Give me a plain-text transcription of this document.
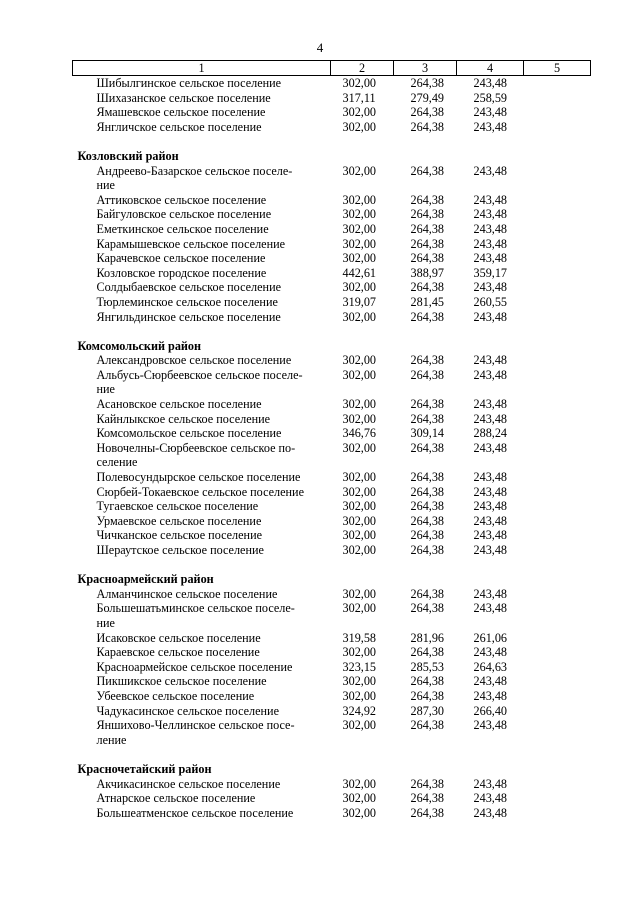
4
1	2	3	4	5
Шибылгинское сельское поселение	302,00	264,38	243,48	
Шихазанское сельское поселение	317,11	279,49	258,59	
Ямашевское сельское поселение	302,00	264,38	243,48	
Янгличское сельское поселение	302,00	264,38	243,48	

Козловский район				
Андреево-Базарское сельское поселе-
ние	302,00	264,38	243,48	
Аттиковское сельское поселение	302,00	264,38	243,48	
Байгуловское сельское поселение	302,00	264,38	243,48	
Еметкинское сельское поселение	302,00	264,38	243,48	
Карамышевское сельское поселение	302,00	264,38	243,48	
Карачевское сельское поселение	302,00	264,38	243,48	
Козловское городское поселение	442,61	388,97	359,17	
Солдыбаевское сельское поселение	302,00	264,38	243,48	
Тюрлеминское сельское поселение	319,07	281,45	260,55	
Янгильдинское сельское поселение	302,00	264,38	243,48	

Комсомольский район				
Александровское сельское поселение	302,00	264,38	243,48	
Альбусь-Сюрбеевское сельское поселе-
ние	302,00	264,38	243,48	
Асановское сельское поселение	302,00	264,38	243,48	
Кайнлыкское сельское поселение	302,00	264,38	243,48	
Комсомольское сельское поселение	346,76	309,14	288,24	
Новочелны-Сюрбеевское сельское по-
селение	302,00	264,38	243,48	
Полевосундырское сельское поселение	302,00	264,38	243,48	
Сюрбей-Токаевское сельское поселение	302,00	264,38	243,48	
Тугаевское сельское поселение	302,00	264,38	243,48	
Урмаевское сельское поселение	302,00	264,38	243,48	
Чичканское сельское поселение	302,00	264,38	243,48	
Шераутское сельское поселение	302,00	264,38	243,48	

Красноармейский район				
Алманчинское сельское поселение	302,00	264,38	243,48	
Большешатьминское сельское поселе-
ние	302,00	264,38	243,48	
Исаковское сельское поселение	319,58	281,96	261,06	
Караевское сельское поселение	302,00	264,38	243,48	
Красноармейское сельское поселение	323,15	285,53	264,63	
Пикшикское сельское поселение	302,00	264,38	243,48	
Убеевское сельское поселение	302,00	264,38	243,48	
Чадукасинское сельское поселение	324,92	287,30	266,40	
Яншихово-Челлинское сельское посе-
ление	302,00	264,38	243,48	

Красночетайский район				
Акчикасинское сельское поселение	302,00	264,38	243,48	
Атнарское сельское поселение	302,00	264,38	243,48	
Большеатменское сельское поселение	302,00	264,38	243,48	
